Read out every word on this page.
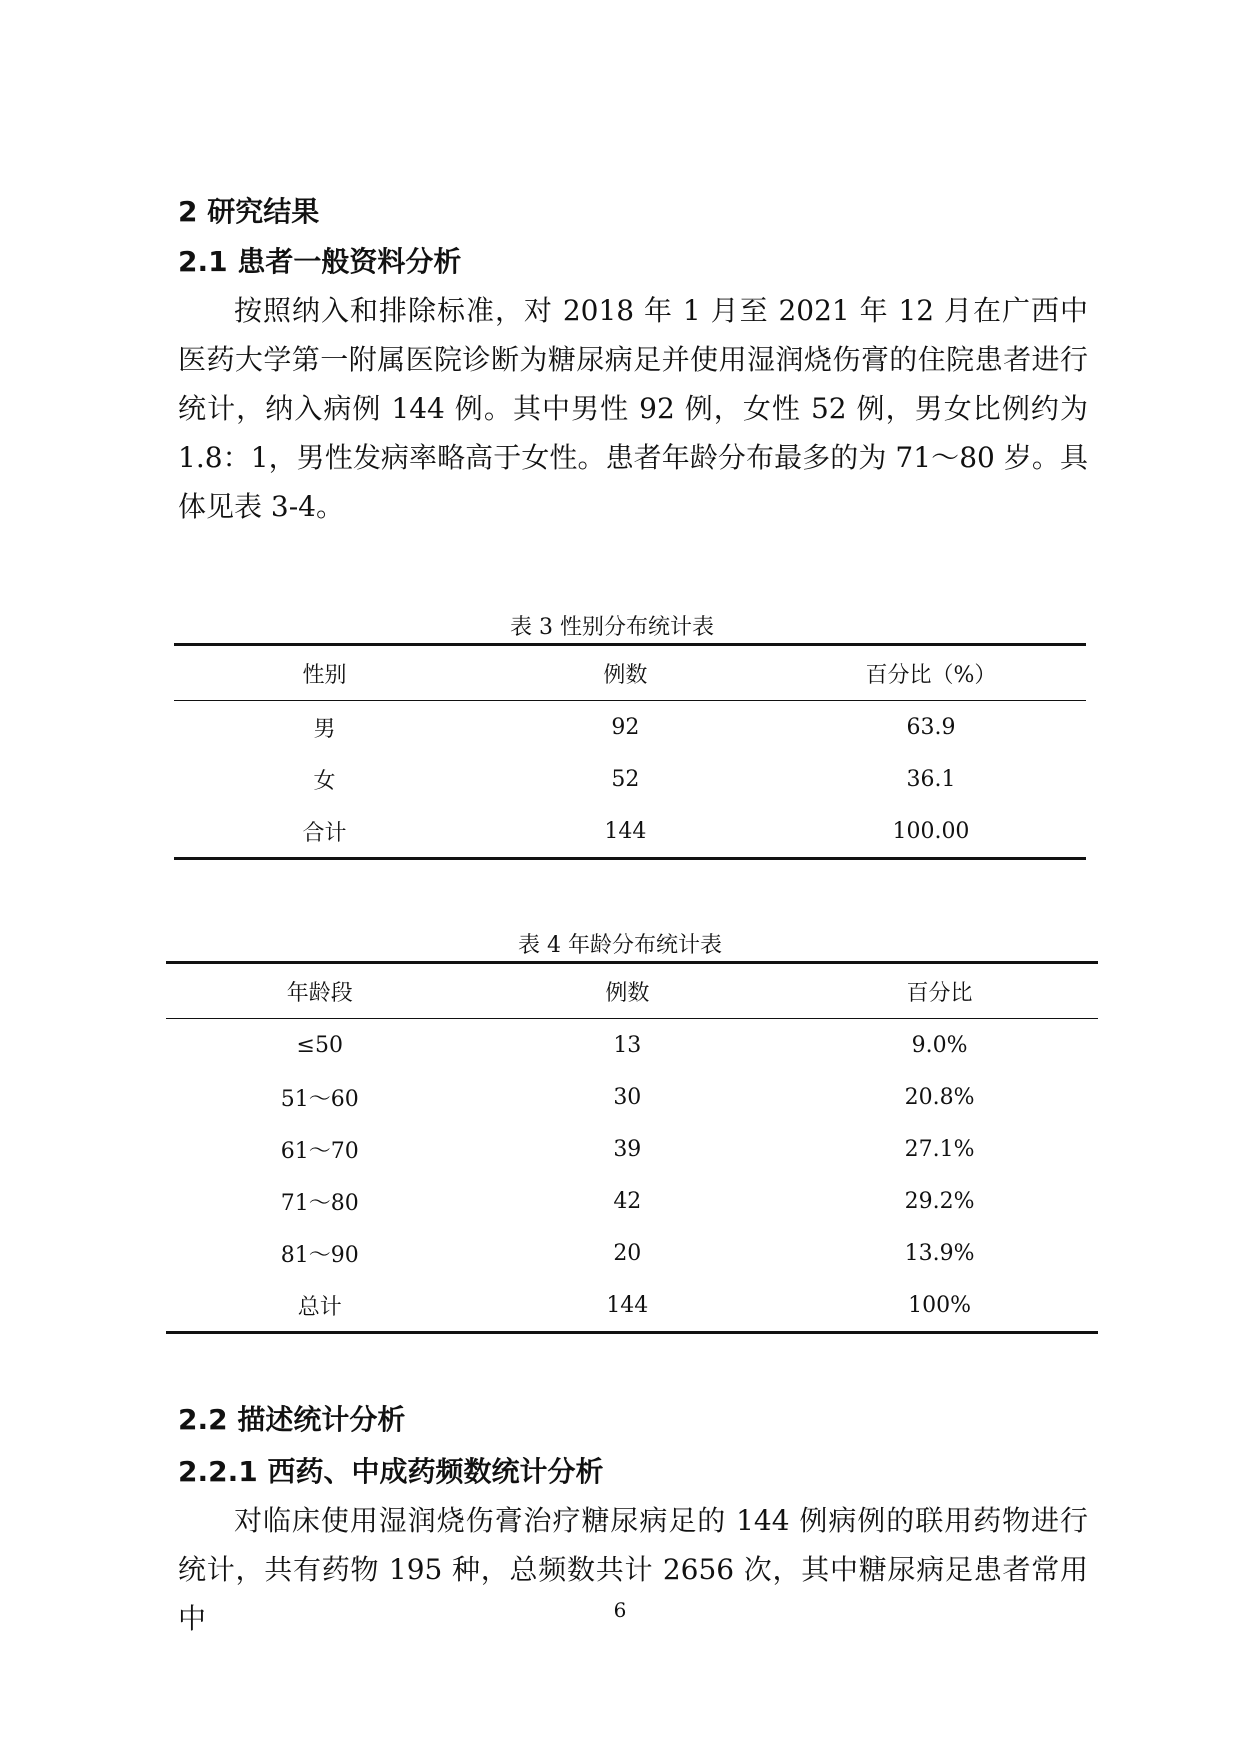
2 研究结果
2.1 患者一般资料分析

按照纳入和排除标准，对 2018 年 1 月至 2021 年 12 月在广西中医药大学第一附属医院诊断为糖尿病足并使用湿润烧伤膏的住院患者进行统计，纳入病例 144 例。其中男性 92 例，女性 52 例，男女比例约为 1.8：1，男性发病率略高于女性。患者年龄分布最多的为 71～80 岁。具体见表 3-4。

表 3 性别分布统计表
性别	例数	百分比（%）
男	92	63.9
女	52	36.1
合计	144	100.00
表 4 年龄分布统计表
年龄段	例数	百分比
≤50	13	9.0%
51～60	30	20.8%
61～70	39	27.1%
71～80	42	29.2%
81～90	20	13.9%
总计	144	100%
2.2 描述统计分析
2.2.1 西药、中成药频数统计分析

对临床使用湿润烧伤膏治疗糖尿病足的 144 例病例的联用药物进行统计，共有药物 195 种，总频数共计 2656 次，其中糖尿病足患者常用中	6
